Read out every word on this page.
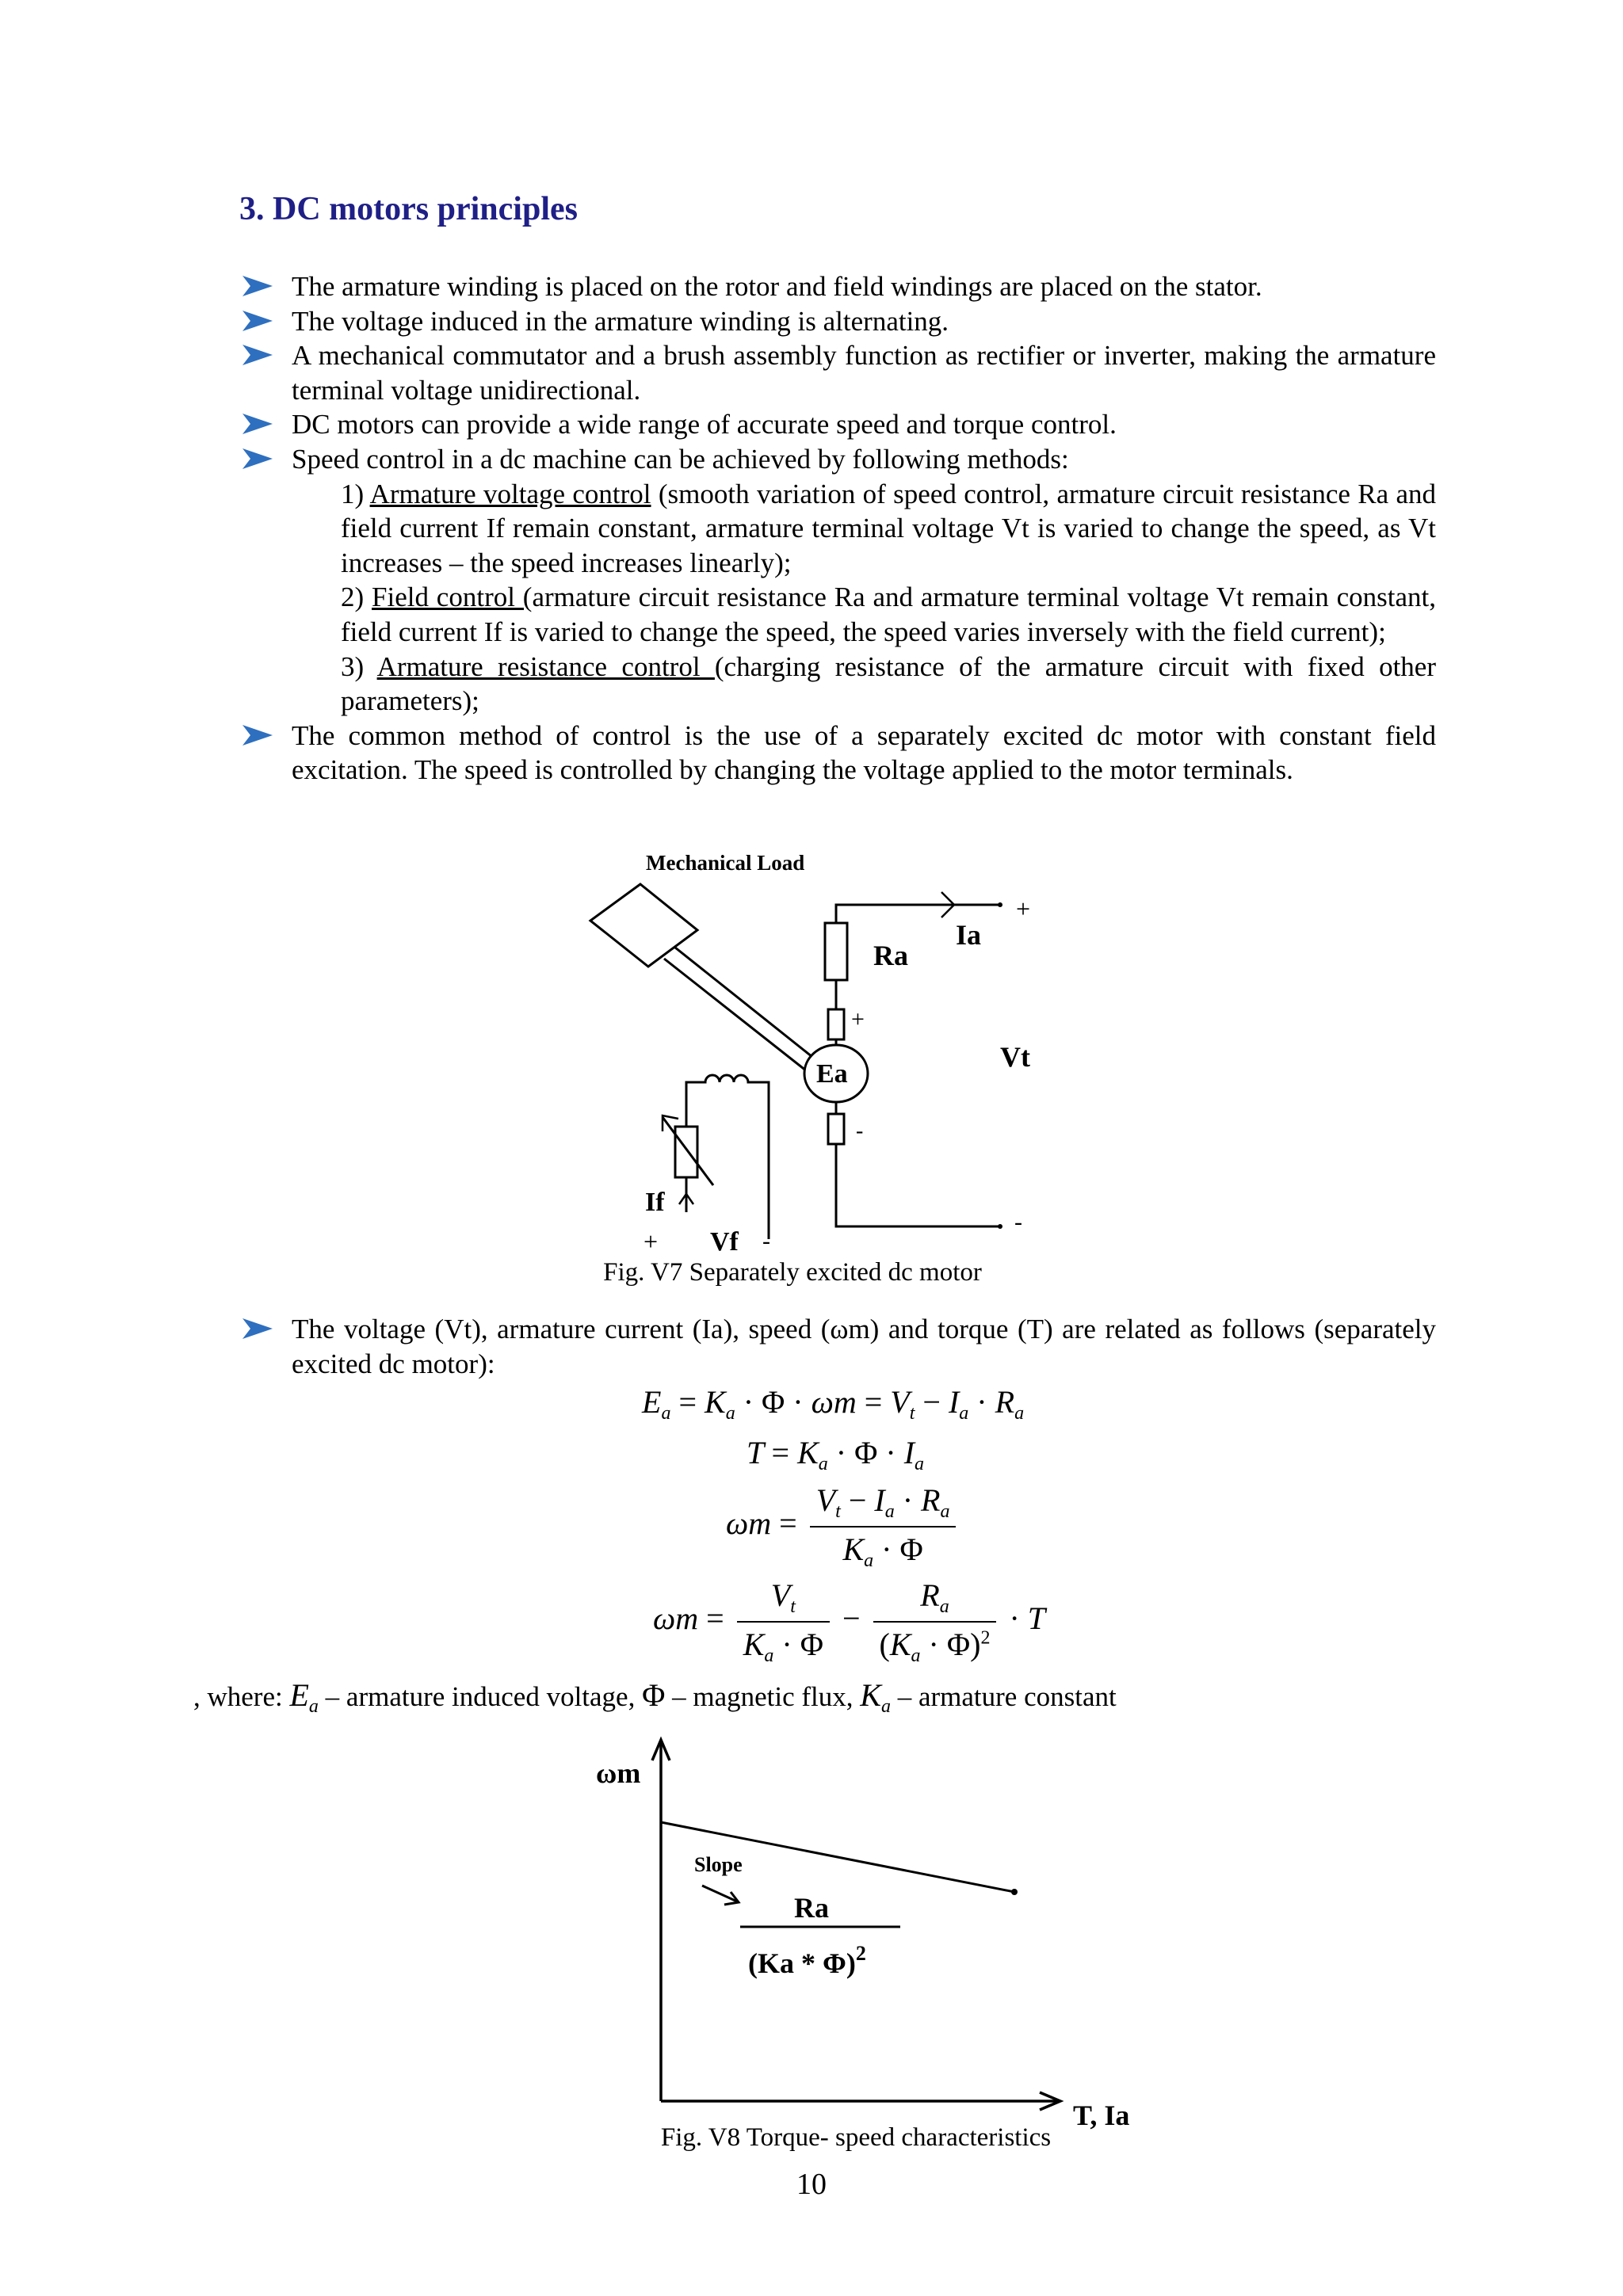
3. DC motors principles
The armature winding is placed on the rotor and field windings are placed on the stator.
The voltage induced in the armature winding is alternating.
A mechanical commutator and a brush assembly function as rectifier or inverter, making the armature terminal voltage unidirectional.
DC motors can provide a wide range of accurate speed and torque control.
Speed control in a dc machine can be achieved by following methods:
1) Armature voltage control (smooth variation of speed control, armature circuit resistance Ra and field current If remain constant, armature terminal voltage Vt is varied to change the speed, as Vt increases – the speed increases linearly);
2) Field control (armature circuit resistance Ra and armature terminal voltage Vt remain constant, field current If is varied to change the speed, the speed varies inversely with the field current);
3) Armature resistance control (charging resistance of the armature circuit with fixed other parameters);
The common method of control is the use of a separately excited dc motor with constant field excitation. The speed is controlled by changing the voltage applied to the motor terminals.
Mechanical Load
Ra
Ia
+
+
Ea
-
Vt
-
If
+ Vf -
Fig. V7 Separately excited dc motor
The voltage (Vt), armature current (Ia), speed (ωm) and torque (T) are related as follows (separately excited dc motor):
$E_a = K_a \cdot \Phi \cdot \omega m = V_t - I_a \cdot R_a$
$T = K_a \cdot \Phi \cdot I_a$
$\omega m = \frac{V_t - I_a \cdot R_a}{K_a \cdot \Phi}$
$\omega m = \frac{V_t}{K_a \cdot \Phi} - \frac{R_a}{(K_a \cdot \Phi)^2} \cdot T$
, where: $E_a$ – armature induced voltage, Φ – magnetic flux, $K_a$ – armature constant
ωm
T, Ia
Slope
Ra
(Ka * Φ)$^2$
Fig. V8 Torque- speed characteristics
10
